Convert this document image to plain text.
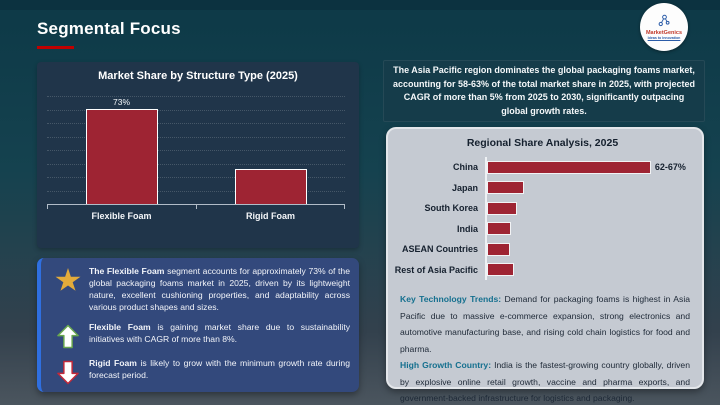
Segmental Focus	MarketGenics
Ideas to Innovation
Market Share by Structure Type (2025)
73%
Flexible Foam	Rigid Foam

The Flexible Foam segment accounts for approximately 73% of the global packaging foams market in 2025, driven by its lightweight nature, excellent cushioning properties, and adaptability across various product shapes and sizes.

Flexible Foam is gaining market share due to sustainability initiatives with CAGR of more than 8%.

Rigid Foam is likely to grow with the minimum growth rate during forecast period.

The Asia Pacific region dominates the global packaging foams market, accounting for 58-63% of the total market share in 2025, with projected CAGR of more than 5% from 2025 to 2030, significantly outpacing global growth rates.

Regional Share Analysis, 2025
China	62-67%
Japan
South Korea
India
ASEAN Countries
Rest of Asia Pacific

Key Technology Trends: Demand for packaging foams is highest in Asia Pacific due to massive e-commerce expansion, strong electronics and automotive manufacturing base, and rising cold chain logistics for food and pharma.

High Growth Country: India is the fastest-growing country globally, driven by explosive online retail growth, vaccine and pharma exports, and government-backed infrastructure for logistics and packaging.
